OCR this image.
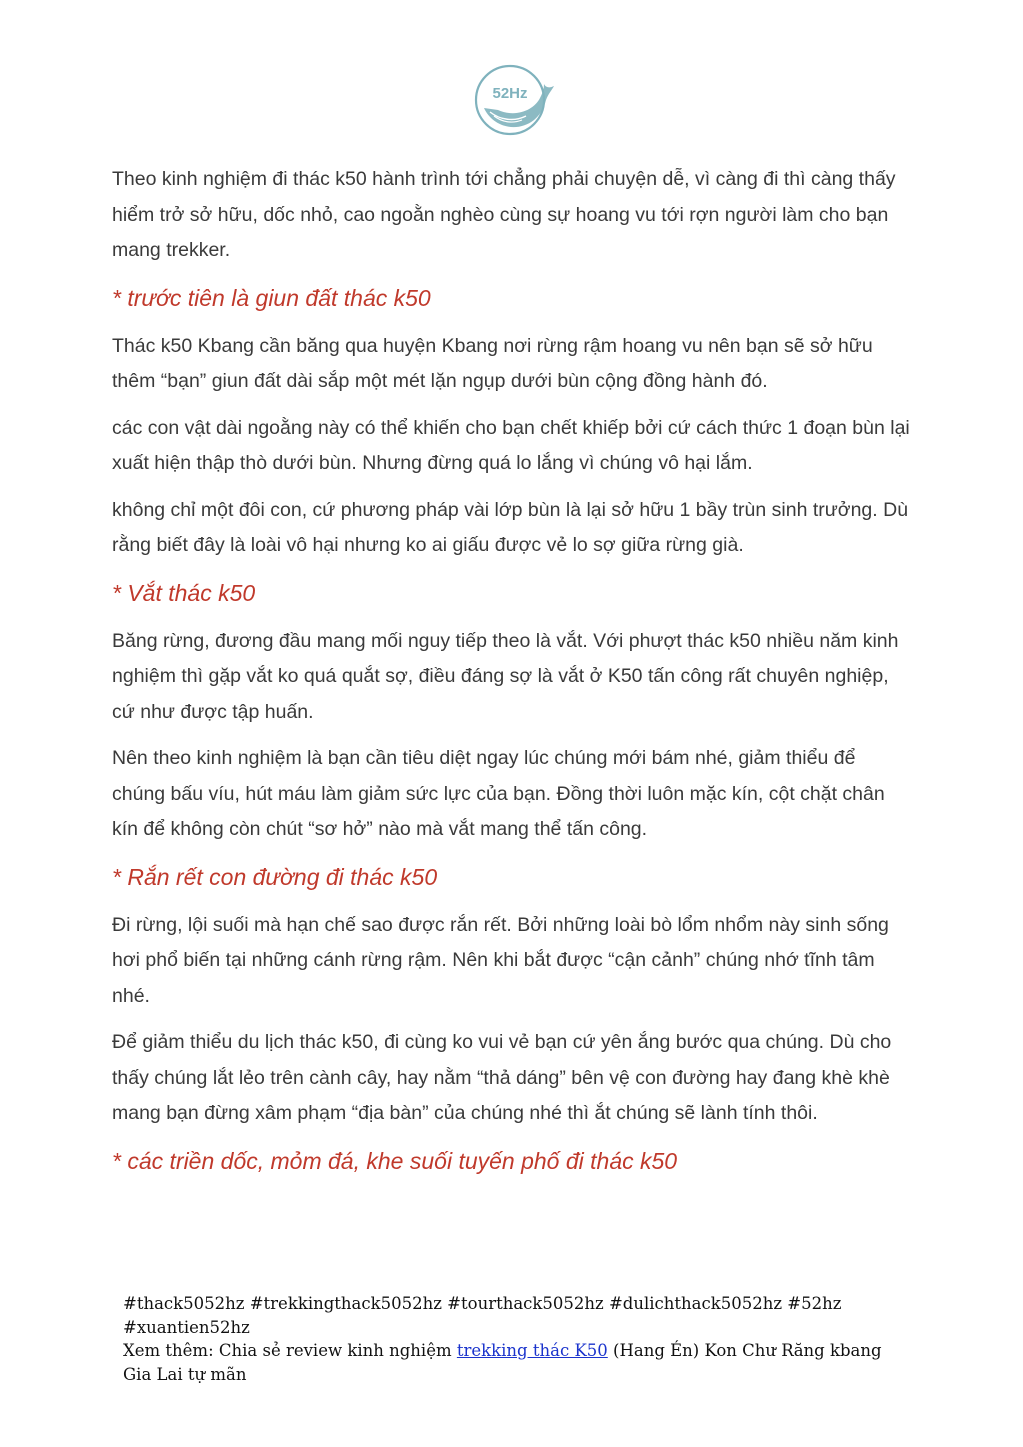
52Hz

Theo kinh nghiệm đi thác k50 hành trình tới chẳng phải chuyện dễ, vì càng đi thì càng thấy hiểm trở sở hữu, dốc nhỏ, cao ngoằn nghèo cùng sự hoang vu tới rợn người làm cho bạn mang trekker.

* trước tiên là giun đất thác k50

Thác k50 Kbang cần băng qua huyện Kbang nơi rừng rậm hoang vu nên bạn sẽ sở hữu thêm “bạn” giun đất dài sắp một mét lặn ngụp dưới bùn cộng đồng hành đó.

các con vật dài ngoằng này có thể khiến cho bạn chết khiếp bởi cứ cách thức 1 đoạn bùn lại xuất hiện thập thò dưới bùn. Nhưng đừng quá lo lắng vì chúng vô hại lắm.

không chỉ một đôi con, cứ phương pháp vài lớp bùn là lại sở hữu 1 bầy trùn sinh trưởng. Dù rằng biết đây là loài vô hại nhưng ko ai giấu được vẻ lo sợ giữa rừng già.

* Vắt thác k50

Băng rừng, đương đầu mang mối nguy tiếp theo là vắt. Với phượt thác k50 nhiều năm kinh nghiệm thì gặp vắt ko quá quắt sợ, điều đáng sợ là vắt ở K50 tấn công rất chuyên nghiệp, cứ như được tập huấn.

Nên theo kinh nghiệm là bạn cần tiêu diệt ngay lúc chúng mới bám nhé, giảm thiểu để chúng bấu víu, hút máu làm giảm sức lực của bạn. Đồng thời luôn mặc kín, cột chặt chân kín để không còn chút “sơ hở” nào mà vắt mang thể tấn công.

* Rắn rết con đường đi thác k50

Đi rừng, lội suối mà hạn chế sao được rắn rết. Bởi những loài bò lổm nhổm này sinh sống hơi phổ biến tại những cánh rừng rậm. Nên khi bắt được “cận cảnh” chúng nhớ tĩnh tâm nhé.

Để giảm thiểu du lịch thác k50, đi cùng ko vui vẻ bạn cứ yên ắng bước qua chúng. Dù cho thấy chúng lắt lẻo trên cành cây, hay nằm “thả dáng” bên vệ con đường hay đang khè khè mang bạn đừng xâm phạm “địa bàn” của chúng nhé thì ắt chúng sẽ lành tính thôi.

* các triền dốc, mỏm đá, khe suối tuyến phố đi thác k50

#thack5052hz #trekkingthack5052hz #tourthack5052hz #dulichthack5052hz #52hz #xuantien52hz
Xem thêm: Chia sẻ review kinh nghiệm trekking thác K50 (Hang Én) Kon Chư Răng kbang Gia Lai tự mãn
